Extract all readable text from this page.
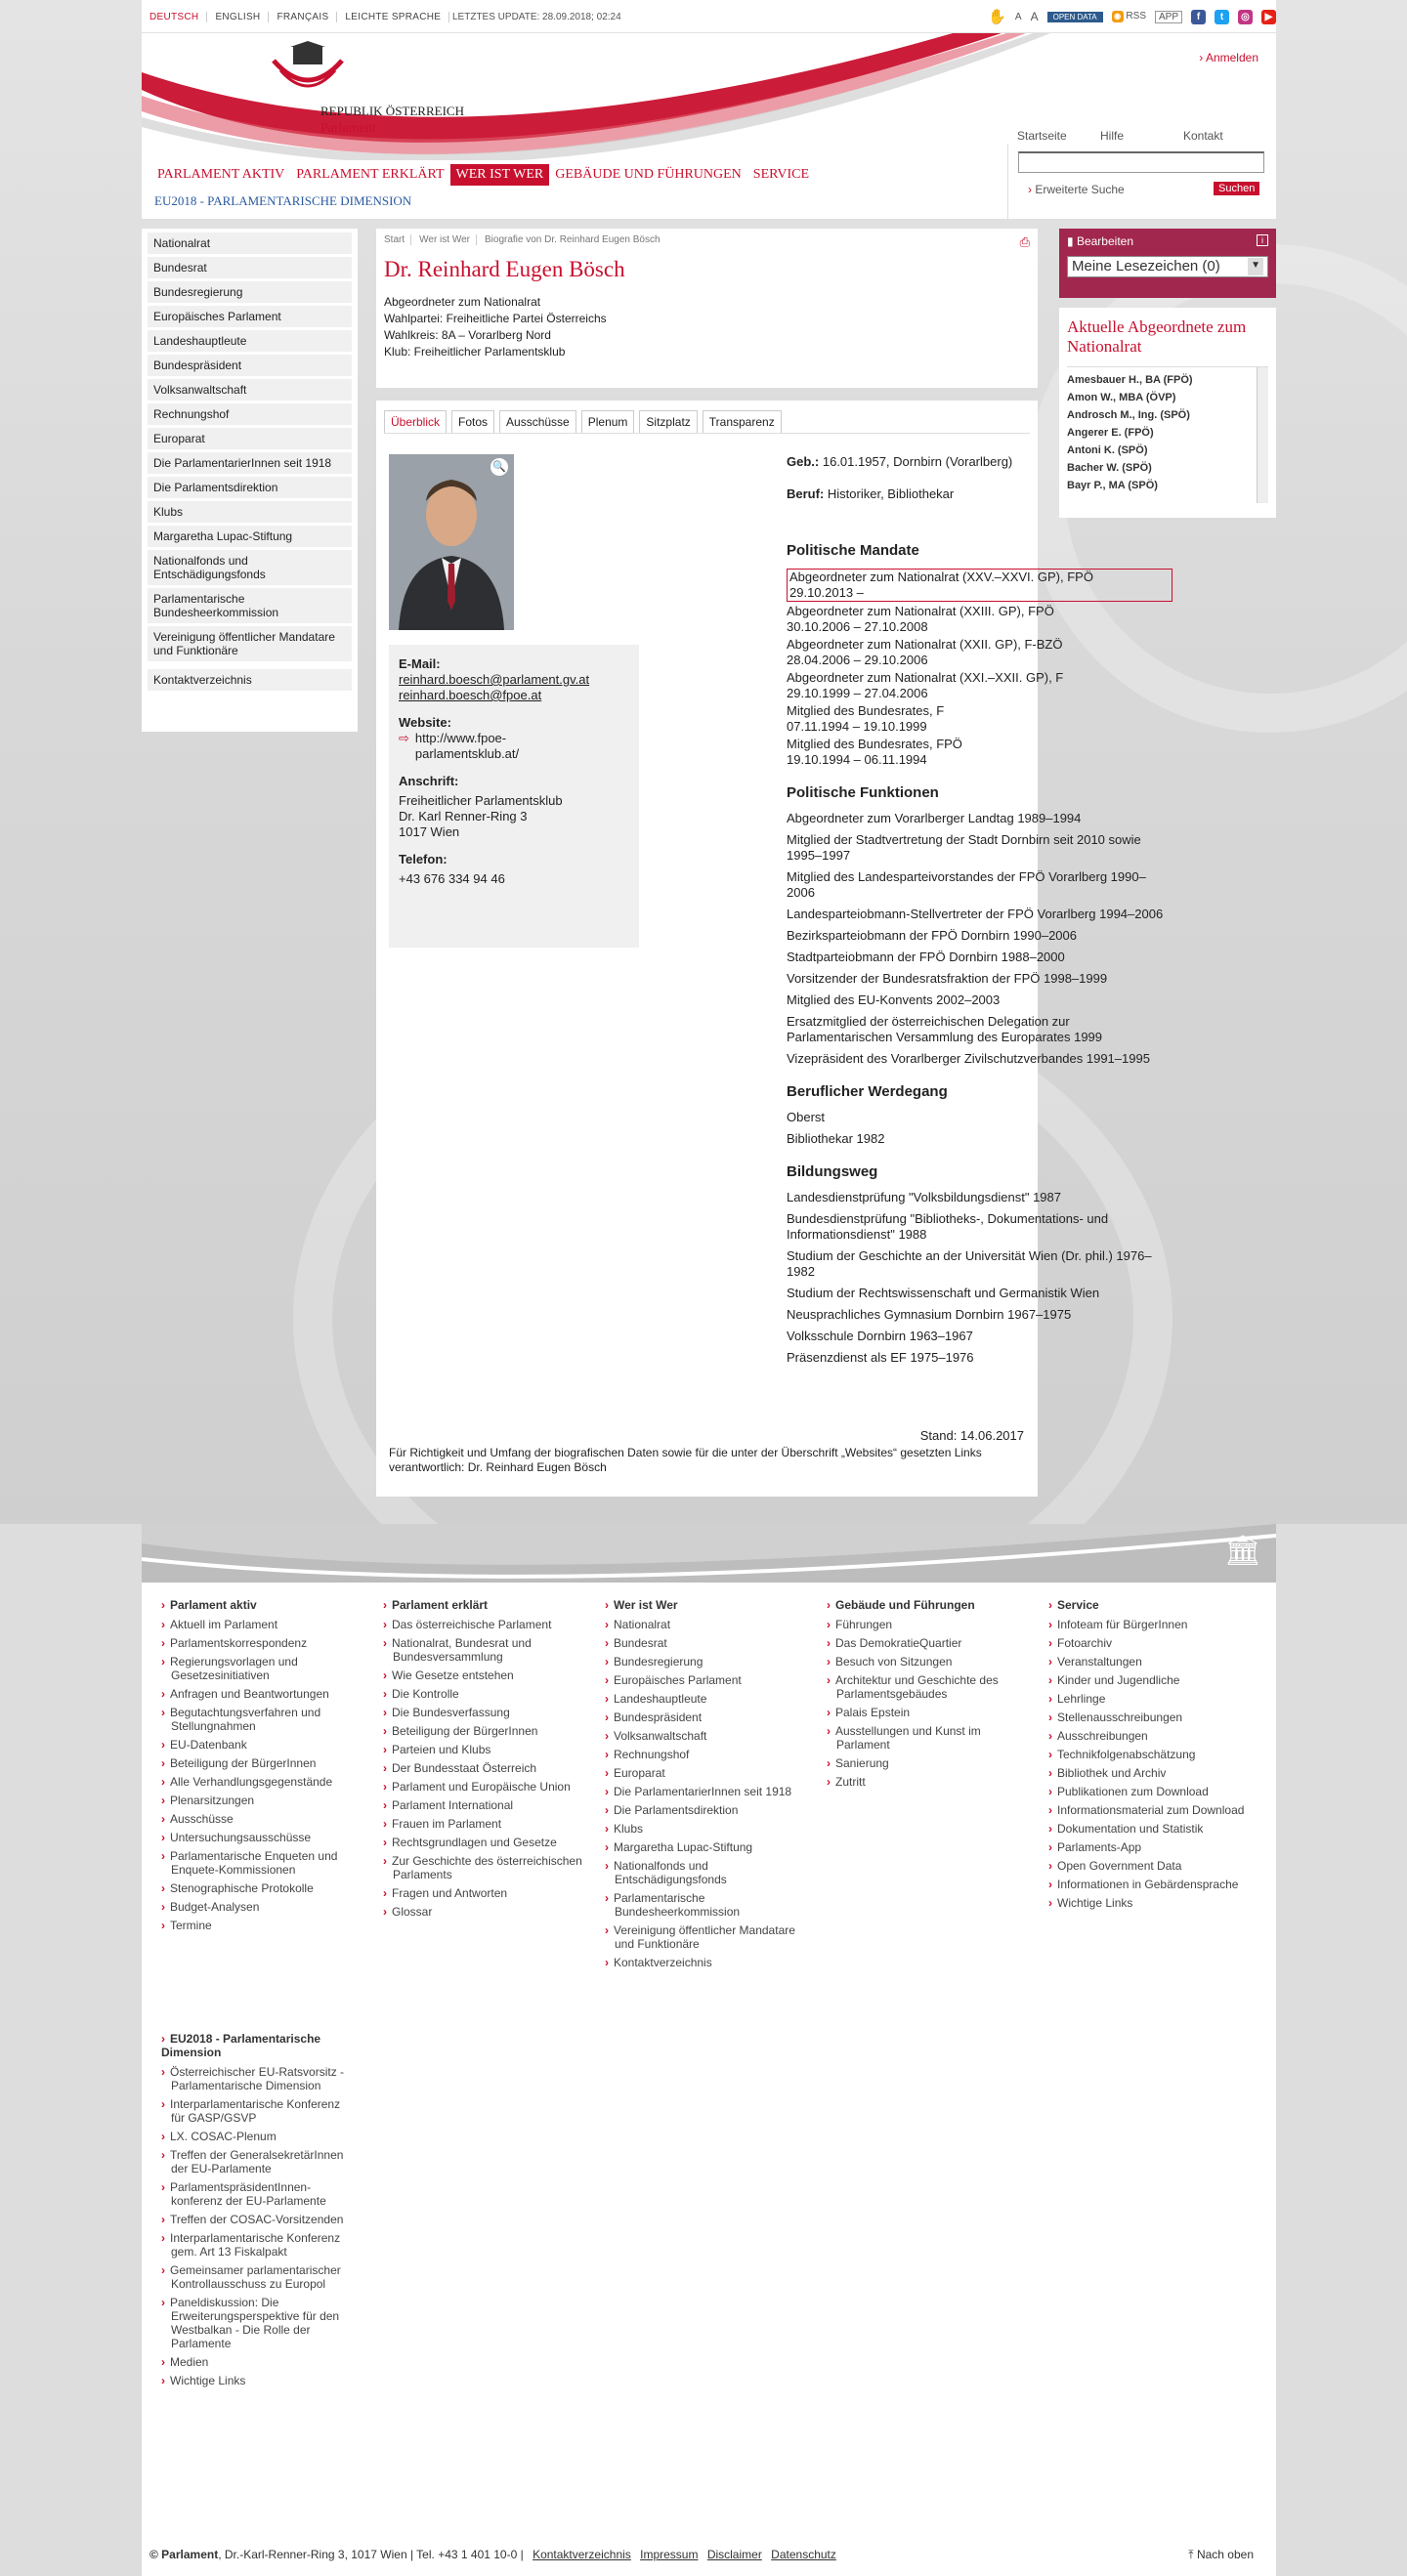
DEUTSCH	ENGLISH	FRANÇAIS	LEICHTE SPRACHE	LETZTES UPDATE: 28.09.2018; 02:24	✋ A A	OPEN DATA	◉ RSS	APP	f	t	◎	▶
REPUBLIK ÖSTERREICH
Parlament
› Anmelden
Startseite	Hilfe	Kontakt
PARLAMENT AKTIV PARLAMENT ERKLÄRT WER IST WER GEBÄUDE UND FÜHRUNGEN SERVICE
EU2018 - PARLAMENTARISCHE DIMENSION
› Erweiterte Suche	Suchen
Nationalrat
Bundesrat
Bundesregierung
Europäisches Parlament
Landeshauptleute
Bundespräsident
Volksanwaltschaft
Rechnungshof
Europarat
Die ParlamentarierInnen seit 1918
Die Parlamentsdirektion
Klubs
Margaretha Lupac-Stiftung
Nationalfonds und Entschädigungsfonds
Parlamentarische Bundesheerkommission
Vereinigung öffentlicher Mandatare und Funktionäre
Kontaktverzeichnis
Start	Wer ist Wer	Biografie von Dr. Reinhard Eugen Bösch	⎙
Dr. Reinhard Eugen Bösch
Abgeordneter zum Nationalrat
Wahlpartei: Freiheitliche Partei Österreichs
Wahlkreis: 8A – Vorarlberg Nord
Klub: Freiheitlicher Parlamentsklub
Überblick	Fotos	Ausschüsse	Plenum	Sitzplatz	Transparenz
🔍
E-Mail:
reinhard.boesch@parlament.gv.at
reinhard.boesch@fpoe.at
Website:
⇨ http://www.fpoe-parlamentsklub.at/
Anschrift:
Freiheitlicher Parlamentsklub
Dr. Karl Renner-Ring 3
1017 Wien
Telefon:
+43 676 334 94 46
Geb.: 16.01.1957, Dornbirn (Vorarlberg)
Beruf: Historiker, Bibliothekar
Politische Mandate
Abgeordneter zum Nationalrat (XXV.–XXVI. GP), FPÖ
29.10.2013 –
Abgeordneter zum Nationalrat (XXIII. GP), FPÖ
30.10.2006 – 27.10.2008
Abgeordneter zum Nationalrat (XXII. GP), F-BZÖ
28.04.2006 – 29.10.2006
Abgeordneter zum Nationalrat (XXI.–XXII. GP), F
29.10.1999 – 27.04.2006
Mitglied des Bundesrates, F
07.11.1994 – 19.10.1999
Mitglied des Bundesrates, FPÖ
19.10.1994 – 06.11.1994
Politische Funktionen
Abgeordneter zum Vorarlberger Landtag 1989–1994
Mitglied der Stadtvertretung der Stadt Dornbirn seit 2010 sowie 1995–1997
Mitglied des Landesparteivorstandes der FPÖ Vorarlberg 1990–2006
Landesparteiobmann-Stellvertreter der FPÖ Vorarlberg 1994–2006
Bezirksparteiobmann der FPÖ Dornbirn 1990–2006
Stadtparteiobmann der FPÖ Dornbirn 1988–2000
Vorsitzender der Bundesratsfraktion der FPÖ 1998–1999
Mitglied des EU-Konvents 2002–2003
Ersatzmitglied der österreichischen Delegation zur Parlamentarischen Versammlung des Europarates 1999
Vizepräsident des Vorarlberger Zivilschutzverbandes 1991–1995
Beruflicher Werdegang
Oberst
Bibliothekar 1982
Bildungsweg
Landesdienstprüfung "Volksbildungsdienst" 1987
Bundesdienstprüfung "Bibliotheks-, Dokumentations- und Informationsdienst" 1988
Studium der Geschichte an der Universität Wien (Dr. phil.) 1976–1982
Studium der Rechtswissenschaft und Germanistik Wien
Neusprachliches Gymnasium Dornbirn 1967–1975
Volksschule Dornbirn 1963–1967
Präsenzdienst als EF 1975–1976
Stand: 14.06.2017
Für Richtigkeit und Umfang der biografischen Daten sowie für die unter der Überschrift „Websites“ gesetzten Links verantwortlich: Dr. Reinhard Eugen Bösch
▮ Bearbeiten	i
Meine Lesezeichen (0)	▼
Aktuelle Abgeordnete zum Nationalrat
Amesbauer H., BA (FPÖ)
Amon W., MBA (ÖVP)
Androsch M., Ing. (SPÖ)
Angerer E. (FPÖ)
Antoni K. (SPÖ)
Bacher W. (SPÖ)
Bayr P., MA (SPÖ)
🏛
› Parlament aktiv
› Aktuell im Parlament
› Parlamentskorrespondenz
› Regierungsvorlagen und Gesetzesinitiativen
› Anfragen und Beantwortungen
› Begutachtungsverfahren und Stellungnahmen
› EU-Datenbank
› Beteiligung der BürgerInnen
› Alle Verhandlungsgegenstände
› Plenarsitzungen
› Ausschüsse
› Untersuchungsausschüsse
› Parlamentarische Enqueten und Enquete-Kommissionen
› Stenographische Protokolle
› Budget-Analysen
› Termine
› Parlament erklärt
› Das österreichische Parlament
› Nationalrat, Bundesrat und Bundesversammlung
› Wie Gesetze entstehen
› Die Kontrolle
› Die Bundesverfassung
› Beteiligung der BürgerInnen
› Parteien und Klubs
› Der Bundesstaat Österreich
› Parlament und Europäische Union
› Parlament International
› Frauen im Parlament
› Rechtsgrundlagen und Gesetze
› Zur Geschichte des österreichischen Parlaments
› Fragen und Antworten
› Glossar
› Wer ist Wer
› Nationalrat
› Bundesrat
› Bundesregierung
› Europäisches Parlament
› Landeshauptleute
› Bundespräsident
› Volksanwaltschaft
› Rechnungshof
› Europarat
› Die ParlamentarierInnen seit 1918
› Die Parlamentsdirektion
› Klubs
› Margaretha Lupac-Stiftung
› Nationalfonds und Entschädigungsfonds
› Parlamentarische Bundesheerkommission
› Vereinigung öffentlicher Mandatare und Funktionäre
› Kontaktverzeichnis
› Gebäude und Führungen
› Führungen
› Das DemokratieQuartier
› Besuch von Sitzungen
› Architektur und Geschichte des Parlamentsgebäudes
› Palais Epstein
› Ausstellungen und Kunst im Parlament
› Sanierung
› Zutritt
› Service
› Infoteam für BürgerInnen
› Fotoarchiv
› Veranstaltungen
› Kinder und Jugendliche
› Lehrlinge
› Stellenausschreibungen
› Ausschreibungen
› Technikfolgenabschätzung
› Bibliothek und Archiv
› Publikationen zum Download
› Informationsmaterial zum Download
› Dokumentation und Statistik
› Parlaments-App
› Open Government Data
› Informationen in Gebärdensprache
› Wichtige Links
› EU2018 - Parlamentarische Dimension
› Österreichischer EU-Ratsvorsitz - Parlamentarische Dimension
› Interparlamentarische Konferenz für GASP/GSVP
› LX. COSAC-Plenum
› Treffen der GeneralsekretärInnen der EU-Parlamente
› ParlamentspräsidentInnen-konferenz der EU-Parlamente
› Treffen der COSAC-Vorsitzenden
› Interparlamentarische Konferenz gem. Art 13 Fiskalpakt
› Gemeinsamer parlamentarischer Kontrollausschuss zu Europol
› Paneldiskussion: Die Erweiterungsperspektive für den Westbalkan - Die Rolle der Parlamente
› Medien
› Wichtige Links
© Parlament, Dr.-Karl-Renner-Ring 3, 1017 Wien | Tel. +43 1 401 10-0 | Kontaktverzeichnis Impressum Disclaimer Datenschutz	⤒ Nach oben
